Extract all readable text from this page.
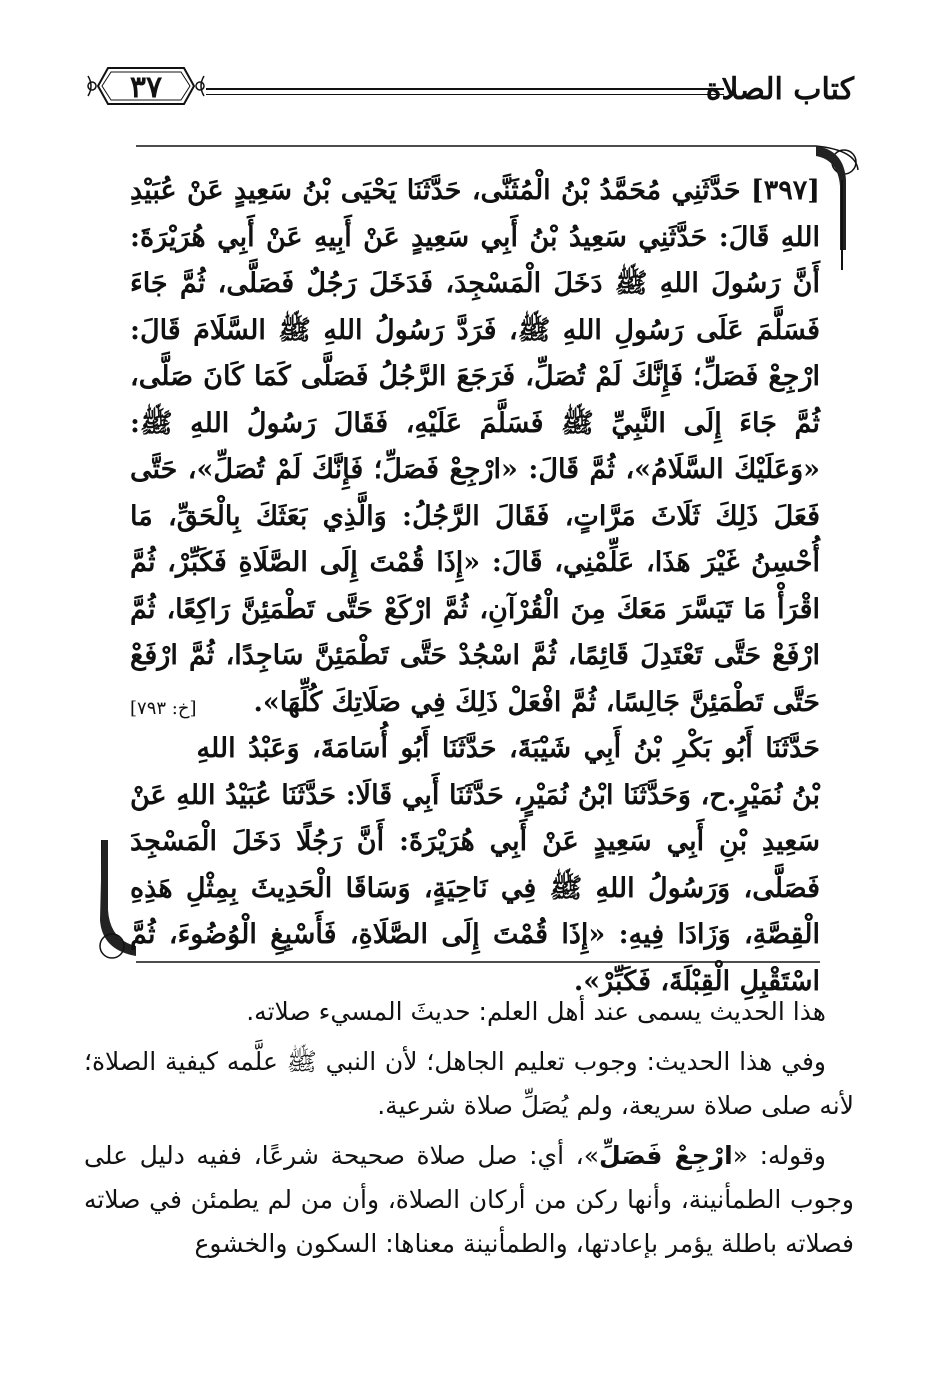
كتاب الصلاة
٣٧

[٣٩٧] حَدَّثَنِي مُحَمَّدُ بْنُ الْمُثَنَّى، حَدَّثَنَا يَحْيَى بْنُ سَعِيدٍ عَنْ عُبَيْدِ اللهِ قَالَ: حَدَّثَنِي سَعِيدُ بْنُ أَبِي سَعِيدٍ عَنْ أَبِيهِ عَنْ أَبِي هُرَيْرَةَ: أَنَّ رَسُولَ اللهِ ﷺ دَخَلَ الْمَسْجِدَ، فَدَخَلَ رَجُلٌ فَصَلَّى، ثُمَّ جَاءَ فَسَلَّمَ عَلَى رَسُولِ اللهِ ﷺ، فَرَدَّ رَسُولُ اللهِ ﷺ السَّلَامَ قَالَ: ارْجِعْ فَصَلِّ؛ فَإِنَّكَ لَمْ تُصَلِّ، فَرَجَعَ الرَّجُلُ فَصَلَّى كَمَا كَانَ صَلَّى، ثُمَّ جَاءَ إِلَى النَّبِيِّ ﷺ فَسَلَّمَ عَلَيْهِ، فَقَالَ رَسُولُ اللهِ ﷺ: «وَعَلَيْكَ السَّلَامُ»، ثُمَّ قَالَ: «ارْجِعْ فَصَلِّ؛ فَإِنَّكَ لَمْ تُصَلِّ»، حَتَّى فَعَلَ ذَلِكَ ثَلَاثَ مَرَّاتٍ، فَقَالَ الرَّجُلُ: وَالَّذِي بَعَثَكَ بِالْحَقِّ، مَا أُحْسِنُ غَيْرَ هَذَا، عَلِّمْنِي، قَالَ: «إِذَا قُمْتَ إِلَى الصَّلَاةِ فَكَبِّرْ، ثُمَّ اقْرَأْ مَا تَيَسَّرَ مَعَكَ مِنَ الْقُرْآنِ، ثُمَّ ارْكَعْ حَتَّى تَطْمَئِنَّ رَاكِعًا، ثُمَّ ارْفَعْ حَتَّى تَعْتَدِلَ قَائِمًا، ثُمَّ اسْجُدْ حَتَّى تَطْمَئِنَّ سَاجِدًا، ثُمَّ ارْفَعْ حَتَّى تَطْمَئِنَّ جَالِسًا، ثُمَّ افْعَلْ ذَلِكَ فِي صَلَاتِكَ كُلِّهَا».
[خ: ٧٩٣]

حَدَّثَنَا أَبُو بَكْرِ بْنُ أَبِي شَيْبَةَ، حَدَّثَنَا أَبُو أُسَامَةَ، وَعَبْدُ اللهِ بْنُ نُمَيْرٍ.ح، وَحَدَّثَنَا ابْنُ نُمَيْرٍ، حَدَّثَنَا أَبِي قَالَا: حَدَّثَنَا عُبَيْدُ اللهِ عَنْ سَعِيدِ بْنِ أَبِي سَعِيدٍ عَنْ أَبِي هُرَيْرَةَ: أَنَّ رَجُلًا دَخَلَ الْمَسْجِدَ فَصَلَّى، وَرَسُولُ اللهِ ﷺ فِي نَاحِيَةٍ، وَسَاقَا الْحَدِيثَ بِمِثْلِ هَذِهِ الْقِصَّةِ، وَزَادَا فِيهِ: «إِذَا قُمْتَ إِلَى الصَّلَاةِ، فَأَسْبِغِ الْوُضُوءَ، ثُمَّ اسْتَقْبِلِ الْقِبْلَةَ، فَكَبِّرْ».

هذا الحديث يسمى عند أهل العلم: حديثَ المسيء صلاته.

وفي هذا الحديث: وجوب تعليم الجاهل؛ لأن النبي ﷺ علَّمه كيفية الصلاة؛ لأنه صلى صلاة سريعة، ولم يُصَلِّ صلاة شرعية.

وقوله: «ارْجِعْ فَصَلِّ»، أي: صل صلاة صحيحة شرعًا، ففيه دليل على وجوب الطمأنينة، وأنها ركن من أركان الصلاة، وأن من لم يطمئن في صلاته فصلاته باطلة يؤمر بإعادتها، والطمأنينة معناها: السكون والخشوع
